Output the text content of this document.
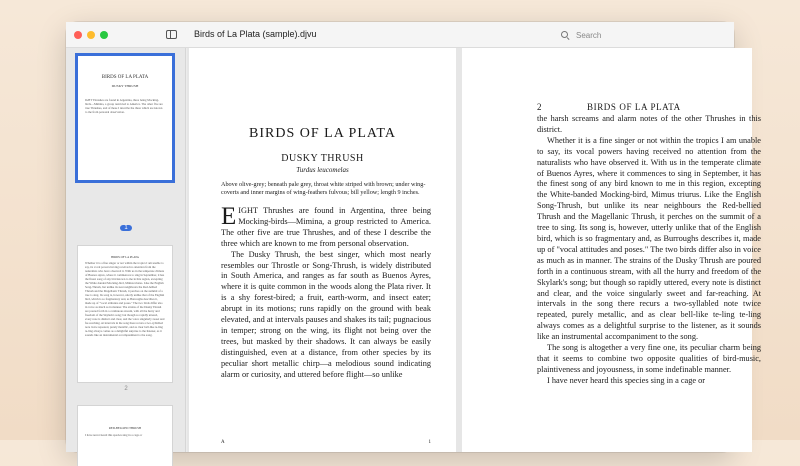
Birds of La Plata (sample).djvu
Search
BIRDS OF LA PLATA
DUSKY THRUSH
IGHT Thrushes are found in Argentina, three being Mocking-birds—Mimina, a group restricted to America. The other five are true Thrushes, and of these I describe the three which are known to me from personal observation.
1
BIRDS OF LA PLATA
Whether it is a fine singer or not within the tropics I am unable to say, its vocal powers having received no attention from the naturalists who have observed it. With us in the temperate climate of Buenos Ayres, where it commences to sing in September, it has the finest song of any bird known to me in this region, excepting the White-banded Mocking-bird, Mimus triurus. Like the English Song-Thrush, but unlike its near neighbours the Red-bellied Thrush and the Magellanic Thrush, it perches on the summit of a tree to sing. Its song is, however, utterly unlike that of the English bird, which is so fragmentary and, as Burroughs describes it, made up of "vocal attitudes and poses." The two birds differ also in voice as much as in manner. The strains of the Dusky Thrush are poured forth in a continuous stream, with all the hurry and freedom of the Skylark's song; but though so rapidly uttered, every note is distinct and clear, and the voice singularly sweet and far-reaching. At intervals in the song there recurs a two-syllabled note twice repeated, purely metallic, and as clear bell-like te-ling te-ling always comes as a delightful surprise to the listener, as it sounds like an instrumental accompaniment to the song.
2
RED-BELLIED THRUSH
I have never heard this species sing in a cage or
BIRDS OF LA PLATA
DUSKY THRUSH
Turdus leucomelas
Above olive-grey; beneath pale grey, throat white striped with brown; under wing-coverts and inner margins of wing-feathers fulvous; bill yellow; length 9 inches.

EIGHT Thrushes are found in Argentina, three being Mocking-birds—Mimina, a group restricted to America. The other five are true Thrushes, and of these I describe the three which are known to me from personal observation.

The Dusky Thrush, the best singer, which most nearly resembles our Throstle or Song-Thrush, is widely distributed in South America, and ranges as far south as Buenos Ayres, where it is quite common in the woods along the Plata river. It is a shy forest-bired; a fruit, earth-worm, and insect eater; abrupt in its motions; runs rapidly on the ground with beak elevated, and at intervals pauses and shakes its tail; pugnacious in temper; strong on the wing, its flight not being over the trees, but masked by their shadows. It can always be easily distinguished, even at a distance, from other species by its peculiar short metallic chirp—a melodious sound indicating alarm or curiosity, and uttered before flight—so unlike

A	1
2	BIRDS OF LA PLATA

the harsh screams and alarm notes of the other Thrushes in this district.

Whether it is a fine singer or not within the tropics I am unable to say, its vocal powers having received no attention from the naturalists who have observed it. With us in the temperate climate of Buenos Ayres, where it commences to sing in September, it has the finest song of any bird known to me in this region, excepting the White-banded Mocking-bird, Mimus triurus. Like the English Song-Thrush, but unlike its near neighbours the Red-bellied Thrush and the Magellanic Thrush, it perches on the summit of a tree to sing. Its song is, however, utterly unlike that of the English bird, which is so fragmentary and, as Burroughs describes it, made up of "vocal attitudes and poses." The two birds differ also in voice as much as in manner. The strains of the Dusky Thrush are poured forth in a continuous stream, with all the hurry and freedom of the Skylark's song; but though so rapidly uttered, every note is distinct and clear, and the voice singularly sweet and far-reaching. At intervals in the song there recurs a two-syllabled note twice repeated, purely metallic, and as clear bell-like te-ling te-ling always comes as a delightful surprise to the listener, as it sounds like an instrumental accompaniment to the song.

The song is altogether a very fine one, its peculiar charm being that it seems to combine two opposite qualities of bird-music, plaintiveness and joyousness, in some indefinable manner.

I have never heard this species sing in a cage or
